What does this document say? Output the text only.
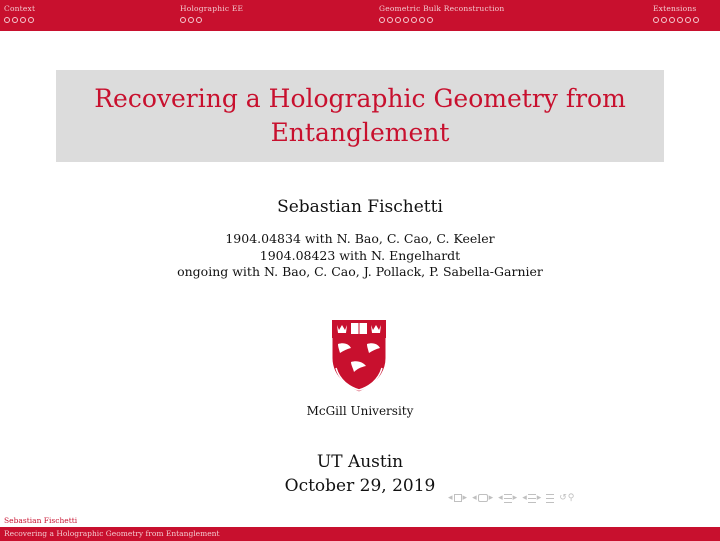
Context	Holographic EE	Geometric Bulk Reconstruction	Extensions
Recovering a Holographic Geometry from Entanglement
Sebastian Fischetti
1904.04834 with N. Bao, C. Cao, C. Keeler
1904.08423 with N. Engelhardt
ongoing with N. Bao, C. Cao, J. Pollack, P. Sabella-Garnier
McGill University
UT Austin
October 29, 2019
◂ ▸ ◂ ▸ ◂ ▸ ◂ ▸ ↺ ⚲
Sebastian Fischetti
Recovering a Holographic Geometry from Entanglement
